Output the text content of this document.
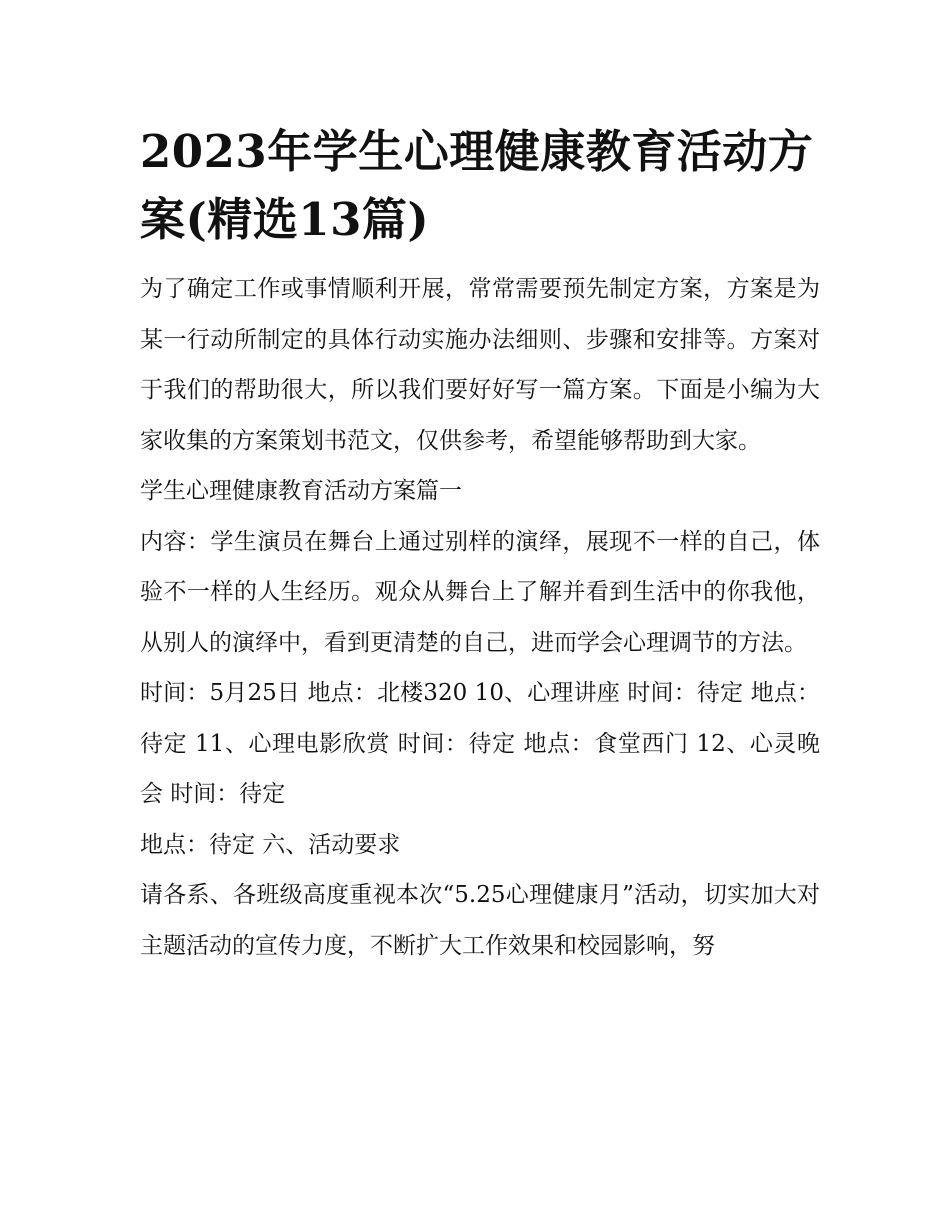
2023年学生心理健康教育活动方案(精选13篇)

为了确定工作或事情顺利开展，常常需要预先制定方案，方案是为某一行动所制定的具体行动实施办法细则、步骤和安排等。方案对于我们的帮助很大，所以我们要好好写一篇方案。下面是小编为大家收集的方案策划书范文，仅供参考，希望能够帮助到大家。

学生心理健康教育活动方案篇一

内容：学生演员在舞台上通过别样的演绎，展现不一样的自己，体验不一样的人生经历。观众从舞台上了解并看到生活中的你我他，从别人的演绎中，看到更清楚的自己，进而学会心理调节的方法。

时间：5月25日 地点：北楼320 10、心理讲座 时间：待定 地点：待定 11、心理电影欣赏 时间：待定 地点：食堂西门 12、心灵晚会 时间：待定

地点：待定 六、活动要求

请各系、各班级高度重视本次“5.25心理健康月”活动，切实加大对主题活动的宣传力度，不断扩大工作效果和校园影响，努
